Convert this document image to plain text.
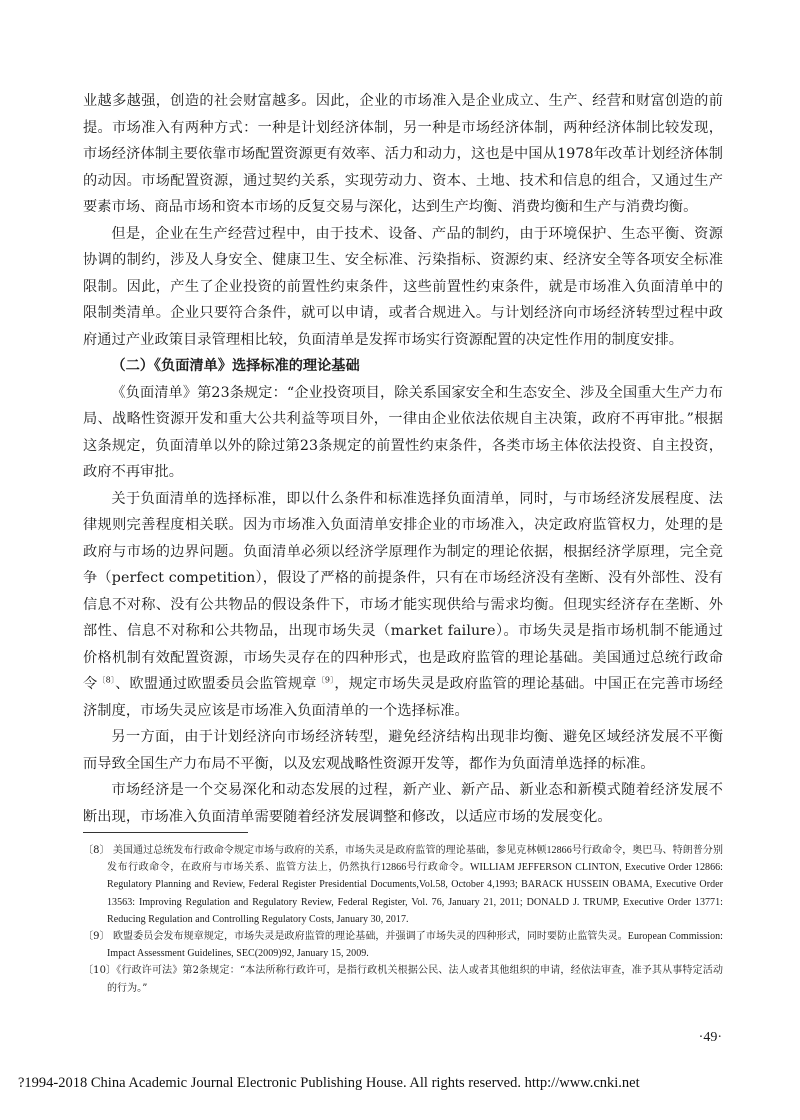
业越多越强，创造的社会财富越多。因此，企业的市场准入是企业成立、生产、经营和财富创造的前提。市场准入有两种方式：一种是计划经济体制，另一种是市场经济体制，两种经济体制比较发现，市场经济体制主要依靠市场配置资源更有效率、活力和动力，这也是中国从1978年改革计划经济体制的动因。市场配置资源，通过契约关系，实现劳动力、资本、土地、技术和信息的组合，又通过生产要素市场、商品市场和资本市场的反复交易与深化，达到生产均衡、消费均衡和生产与消费均衡。

但是，企业在生产经营过程中，由于技术、设备、产品的制约，由于环境保护、生态平衡、资源协调的制约，涉及人身安全、健康卫生、安全标准、污染指标、资源约束、经济安全等各项安全标准限制。因此，产生了企业投资的前置性约束条件，这些前置性约束条件，就是市场准入负面清单中的限制类清单。企业只要符合条件，就可以申请，或者合规进入。与计划经济向市场经济转型过程中政府通过产业政策目录管理相比较，负面清单是发挥市场实行资源配置的决定性作用的制度安排。

（二）《负面清单》选择标准的理论基础

《负面清单》第23条规定：“企业投资项目，除关系国家安全和生态安全、涉及全国重大生产力布局、战略性资源开发和重大公共利益等项目外，一律由企业依法依规自主决策，政府不再审批。”根据这条规定，负面清单以外的除过第23条规定的前置性约束条件，各类市场主体依法投资、自主投资，政府不再审批。

关于负面清单的选择标准，即以什么条件和标准选择负面清单，同时，与市场经济发展程度、法律规则完善程度相关联。因为市场准入负面清单安排企业的市场准入，决定政府监管权力，处理的是政府与市场的边界问题。负面清单必须以经济学原理作为制定的理论依据，根据经济学原理，完全竞争（perfect competition），假设了严格的前提条件，只有在市场经济没有垄断、没有外部性、没有信息不对称、没有公共物品的假设条件下，市场才能实现供给与需求均衡。但现实经济存在垄断、外部性、信息不对称和公共物品，出现市场失灵（market failure）。市场失灵是指市场机制不能通过价格机制有效配置资源，市场失灵存在的四种形式，也是政府监管的理论基础。美国通过总统行政命令$^{〔8〕}$、欧盟通过欧盟委员会监管规章$^{〔9〕}$，规定市场失灵是政府监管的理论基础。中国正在完善市场经济制度，市场失灵应该是市场准入负面清单的一个选择标准。

另一方面，由于计划经济向市场经济转型，避免经济结构出现非均衡、避免区域经济发展不平衡而导致全国生产力布局不平衡，以及宏观战略性资源开发等，都作为负面清单选择的标准。

市场经济是一个交易深化和动态发展的过程，新产业、新产品、新业态和新模式随着经济发展不断出现，市场准入负面清单需要随着经济发展调整和修改，以适应市场的发展变化。

〔8〕 美国通过总统发布行政命令规定市场与政府的关系，市场失灵是政府监管的理论基础，参见克林顿12866号行政命令，奥巴马、特朗普分别发布行政命令，在政府与市场关系、监管方法上，仍然执行12866号行政命令。WILLIAM JEFFERSON CLINTON, Executive Order 12866: Regulatory Planning and Review, Federal Register Presidential Documents,Vol.58, October 4,1993; BARACK HUSSEIN OBAMA, Executive Order 13563: Improving Regulation and Regulatory Review, Federal Register, Vol. 76, January 21, 2011; DONALD J. TRUMP, Executive Order 13771: Reducing Regulation and Controlling Regulatory Costs, January 30, 2017.

〔9〕 欧盟委员会发布规章规定，市场失灵是政府监管的理论基础，并强调了市场失灵的四种形式，同时要防止监管失灵。European Commission: Impact Assessment Guidelines, SEC(2009)92, January 15, 2009.

〔10〕《行政许可法》第2条规定：“本法所称行政许可，是指行政机关根据公民、法人或者其他组织的申请，经依法审查，准予其从事特定活动的行为。”

·49·
?1994-2018 China Academic Journal Electronic Publishing House. All rights reserved. http://www.cnki.net
